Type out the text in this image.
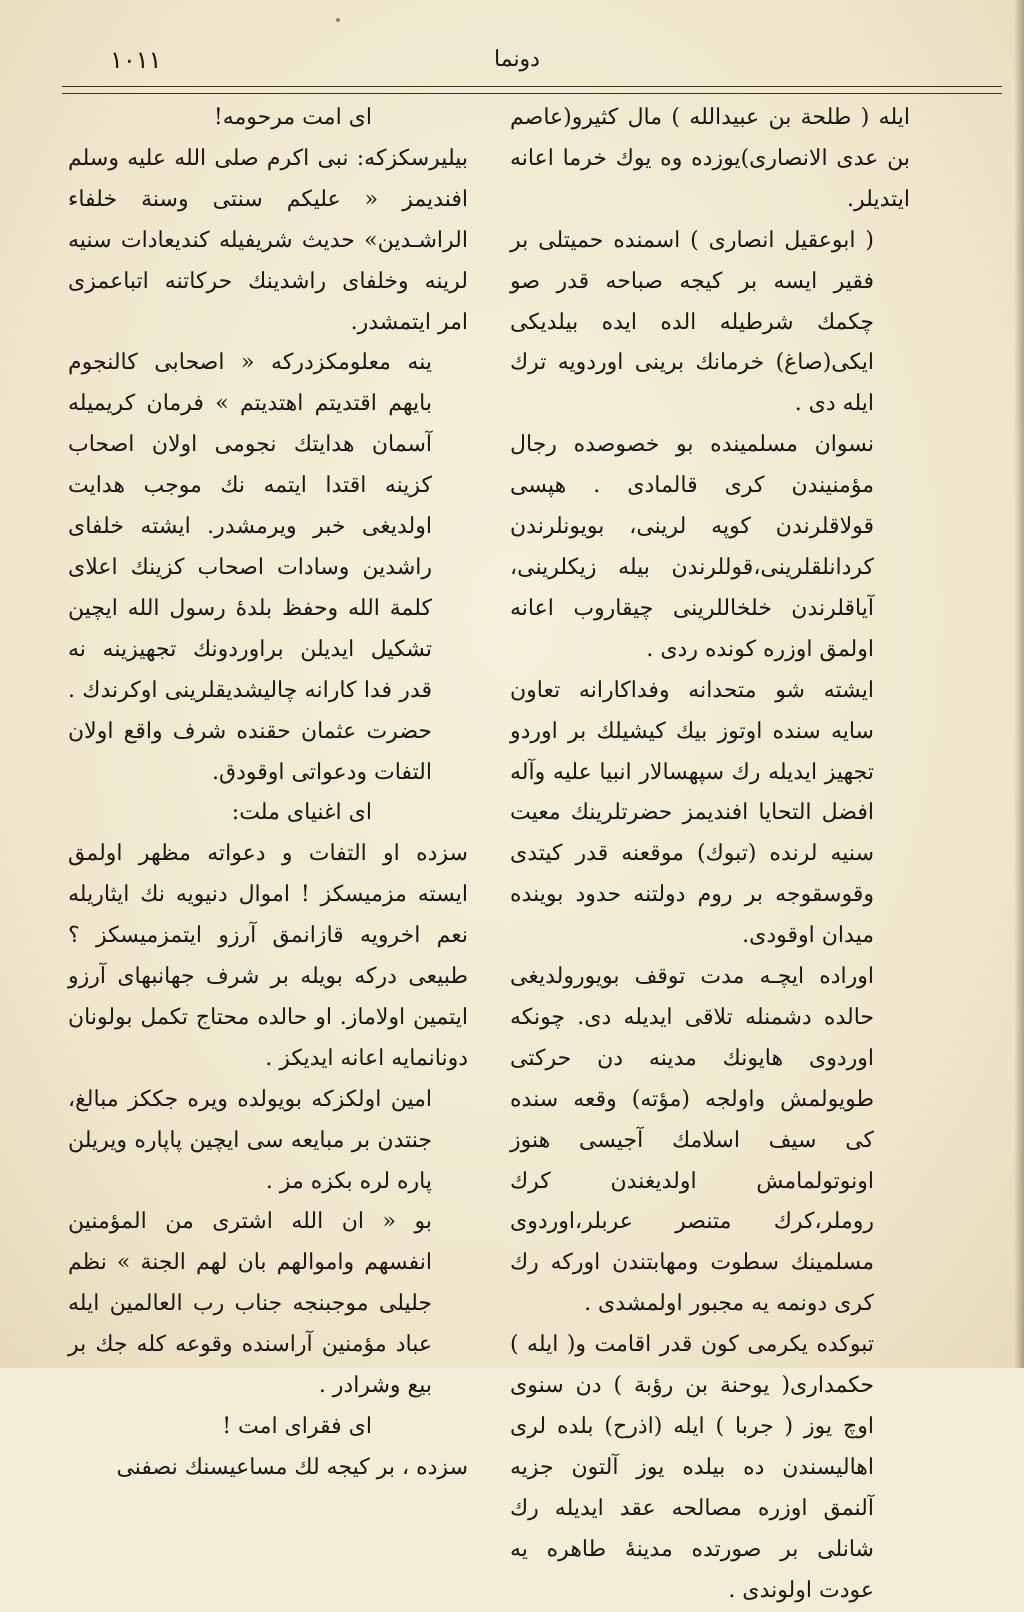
١٠١١	دونما

ايله ( طلحة بن عبيدالله ) مال كثيرو(عاصم بن عدى الانصارى)يوزده وه يوك خرما اعانه ايتديلر.

( ابوعقيل انصارى ) اسمنده حميتلى بر فقير ايسه بر كيجه صباحه قدر صو چكمك شرطيله الده ايده بيلديكى ايكى(صاغ) خرمانك برينى اوردويه ترك ايله دى .

نسوان مسلمينده بو خصوصده رجال مؤمنيندن كرى قالمادى . هپسى قولاقلرندن كوپه لرينى، بويونلرندن كردانلقلرينى،قوللرندن بيله زيكلرينى، آياقلرندن خلخاللرينى چيقاروب اعانه اولمق اوزره كونده ردى .

ايشته شو متحدانه وفداكارانه تعاون سايه سنده اوتوز بيك كيشيلك بر اوردو تجهيز ايديله رك سپهسالار انبيا عليه وآله افضل التحايا افنديمز حضرتلرينك معيت سنيه لرنده (تبوك) موقعنه قدر كيتدى وقوسقوجه بر روم دولتنه حدود بوينده ميدان اوقودى.

اوراده ايچـه مدت توقف بويورولديغى حالده دشمنله تلاقى ايديله دى. چونكه اوردوى هايونك مدينه دن حركتى طويولمش واولجه (مؤته) وقعه سنده كى سيف اسلامك آجيسى هنوز اونوتولمامش اولديغندن كرك روملر،كرك متنصر عربلر،اوردوى مسلمينك سطوت ومهابتندن اوركه رك كرى دونمه يه مجبور اولمشدى .

تبوكده يكرمى كون قدر اقامت و( ايله ) حكمدارى( يوحنة بن رؤبة ) دن سنوى اوچ يوز ( جربا ) ايله (اذرح) بلده لرى اهاليسندن ده بيلده يوز آلتون جزيه آلنمق اوزره مصالحه عقد ايديله رك شانلى بر صورتده مدينهٔ طاهره يه عودت اولوندى .

اى امت مرحومه!

بيليرسكزكه: نبى اكرم صلى الله عليه وسلم افنديمز « عليكم سنتى وسنة خلفاء الراشـدين» حديث شريفيله كنديعادات سنيه لرينه وخلفاى راشدينك حركاتنه اتباعمزى امر ايتمشدر.

ينه معلومكزدركه « اصحابى كالنجوم بايهم اقتديتم اهتديتم » فرمان كريميله آسمان هدايتك نجومى اولان اصحاب كزينه اقتدا ايتمه نك موجب هدايت اولديغى خبر ويرمشدر. ايشته خلفاى راشدين وسادات اصحاب كزينك اعلاى كلمة الله وحفظ بلدهٔ رسول الله ايچين تشكيل ايديلن براوردونك تجهيزينه نه قدر فدا كارانه چاليشديقلرينى اوكرندك . حضرت عثمان حقنده شرف واقع اولان التفات ودعواتى اوقودق.

اى اغنياى ملت:

سزده او التفات و دعواته مظهر اولمق ايسته مزميسكز ! اموال دنيويه نك ايثاريله نعم اخرويه قازانمق آرزو ايتمزميسكز ؟ طبيعى دركه بويله بر شرف جهانبهاى آرزو ايتمين اولاماز. او حالده محتاج تكمل بولونان دونانمايه اعانه ايديكز .

امين اولكزكه بويولده ويره جككز مبالغ، جنتدن بر مبايعه سى ايچين پاپاره ويريلن پاره لره بكزه مز .

بو « ان الله اشترى من المؤمنين انفسهم واموالهم بان لهم الجنة » نظم جليلى موجبنجه جناب رب العالمين ايله عباد مؤمنين آراسنده وقوعه كله جك بر بيع وشرادر .

اى فقراى امت !

سزده ، بر كيجه لك مساعيسنك نصفنى
